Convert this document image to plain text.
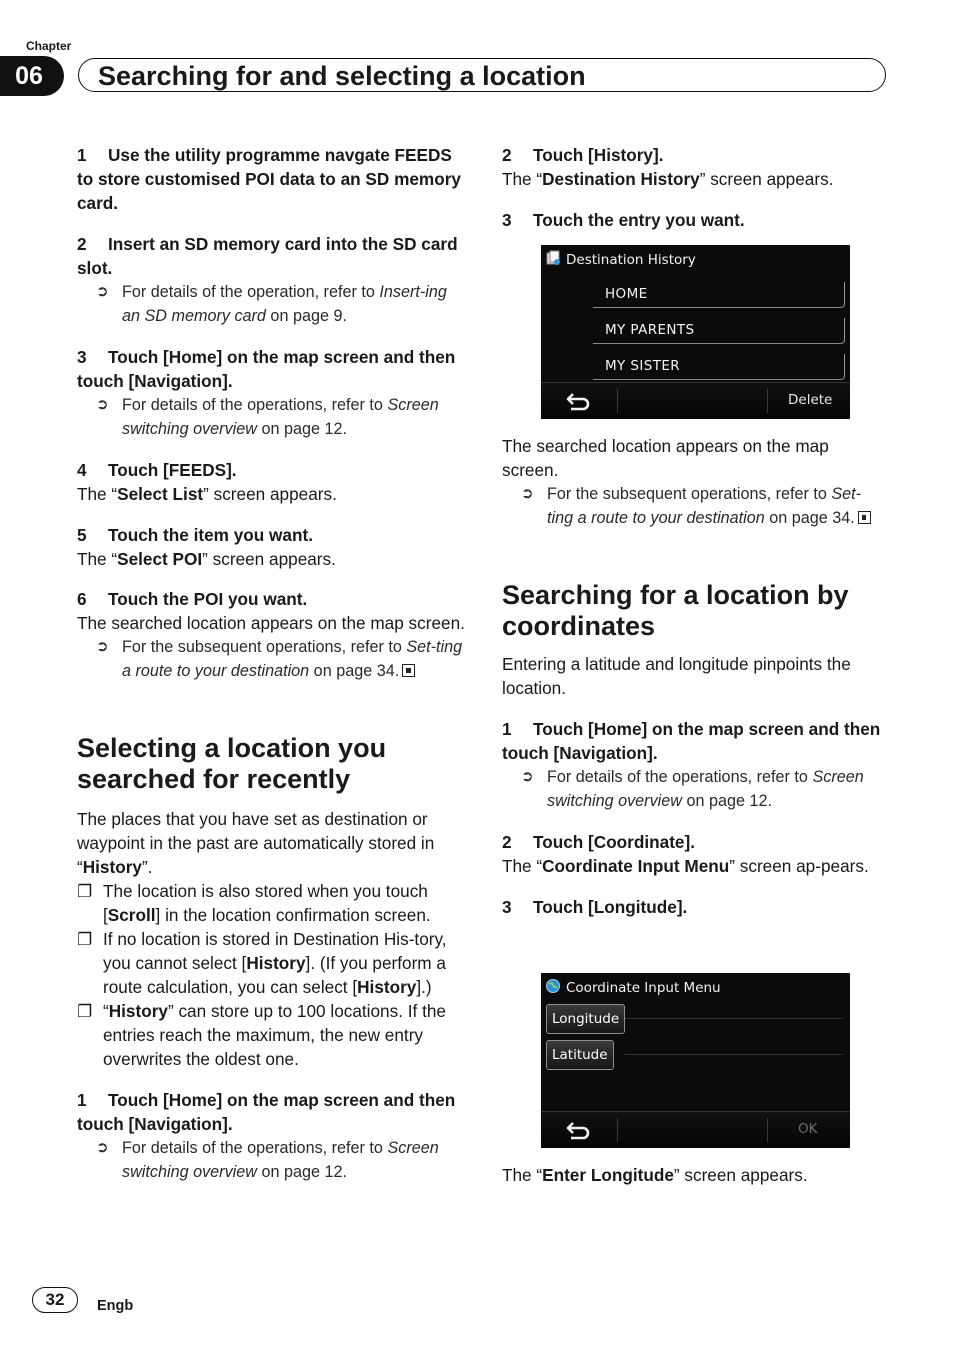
Chapter
06	Searching for and selecting a location

1 Use the utility programme navgate FEEDS to store customised POI data to an SD memory card.

2 Insert an SD memory card into the SD card slot.

➲ For details of the operation, refer to Insert-ing an SD memory card on page 9.

3 Touch [Home] on the map screen and then touch [Navigation].

➲ For details of the operations, refer to Screen switching overview on page 12.

4 Touch [FEEDS].

The “Select List” screen appears.

5 Touch the item you want.

The “Select POI” screen appears.

6 Touch the POI you want.

The searched location appears on the map screen.

➲ For the subsequent operations, refer to Set-ting a route to your destination on page 34.

Selecting a location you searched for recently

The places that you have set as destination or waypoint in the past are automatically stored in “History”.

❐ The location is also stored when you touch [Scroll] in the location confirmation screen.

❐ If no location is stored in Destination His-tory, you cannot select [History]. (If you perform a route calculation, you can select [History].)

❐ “History” can store up to 100 locations. If the entries reach the maximum, the new entry overwrites the oldest one.

1 Touch [Home] on the map screen and then touch [Navigation].

➲ For details of the operations, refer to Screen switching overview on page 12.

2 Touch [History].

The “Destination History” screen appears.

3 Touch the entry you want.

Destination History
HOME
MY PARENTS
MY SISTER
Delete

The searched location appears on the map screen.

➲ For the subsequent operations, refer to Set-ting a route to your destination on page 34.

Searching for a location by coordinates

Entering a latitude and longitude pinpoints the location.

1 Touch [Home] on the map screen and then touch [Navigation].

➲ For details of the operations, refer to Screen switching overview on page 12.

2 Touch [Coordinate].

The “Coordinate Input Menu” screen ap-pears.

3 Touch [Longitude].

Coordinate Input Menu
Longitude
Latitude
OK

The “Enter Longitude” screen appears.

32	Engb
